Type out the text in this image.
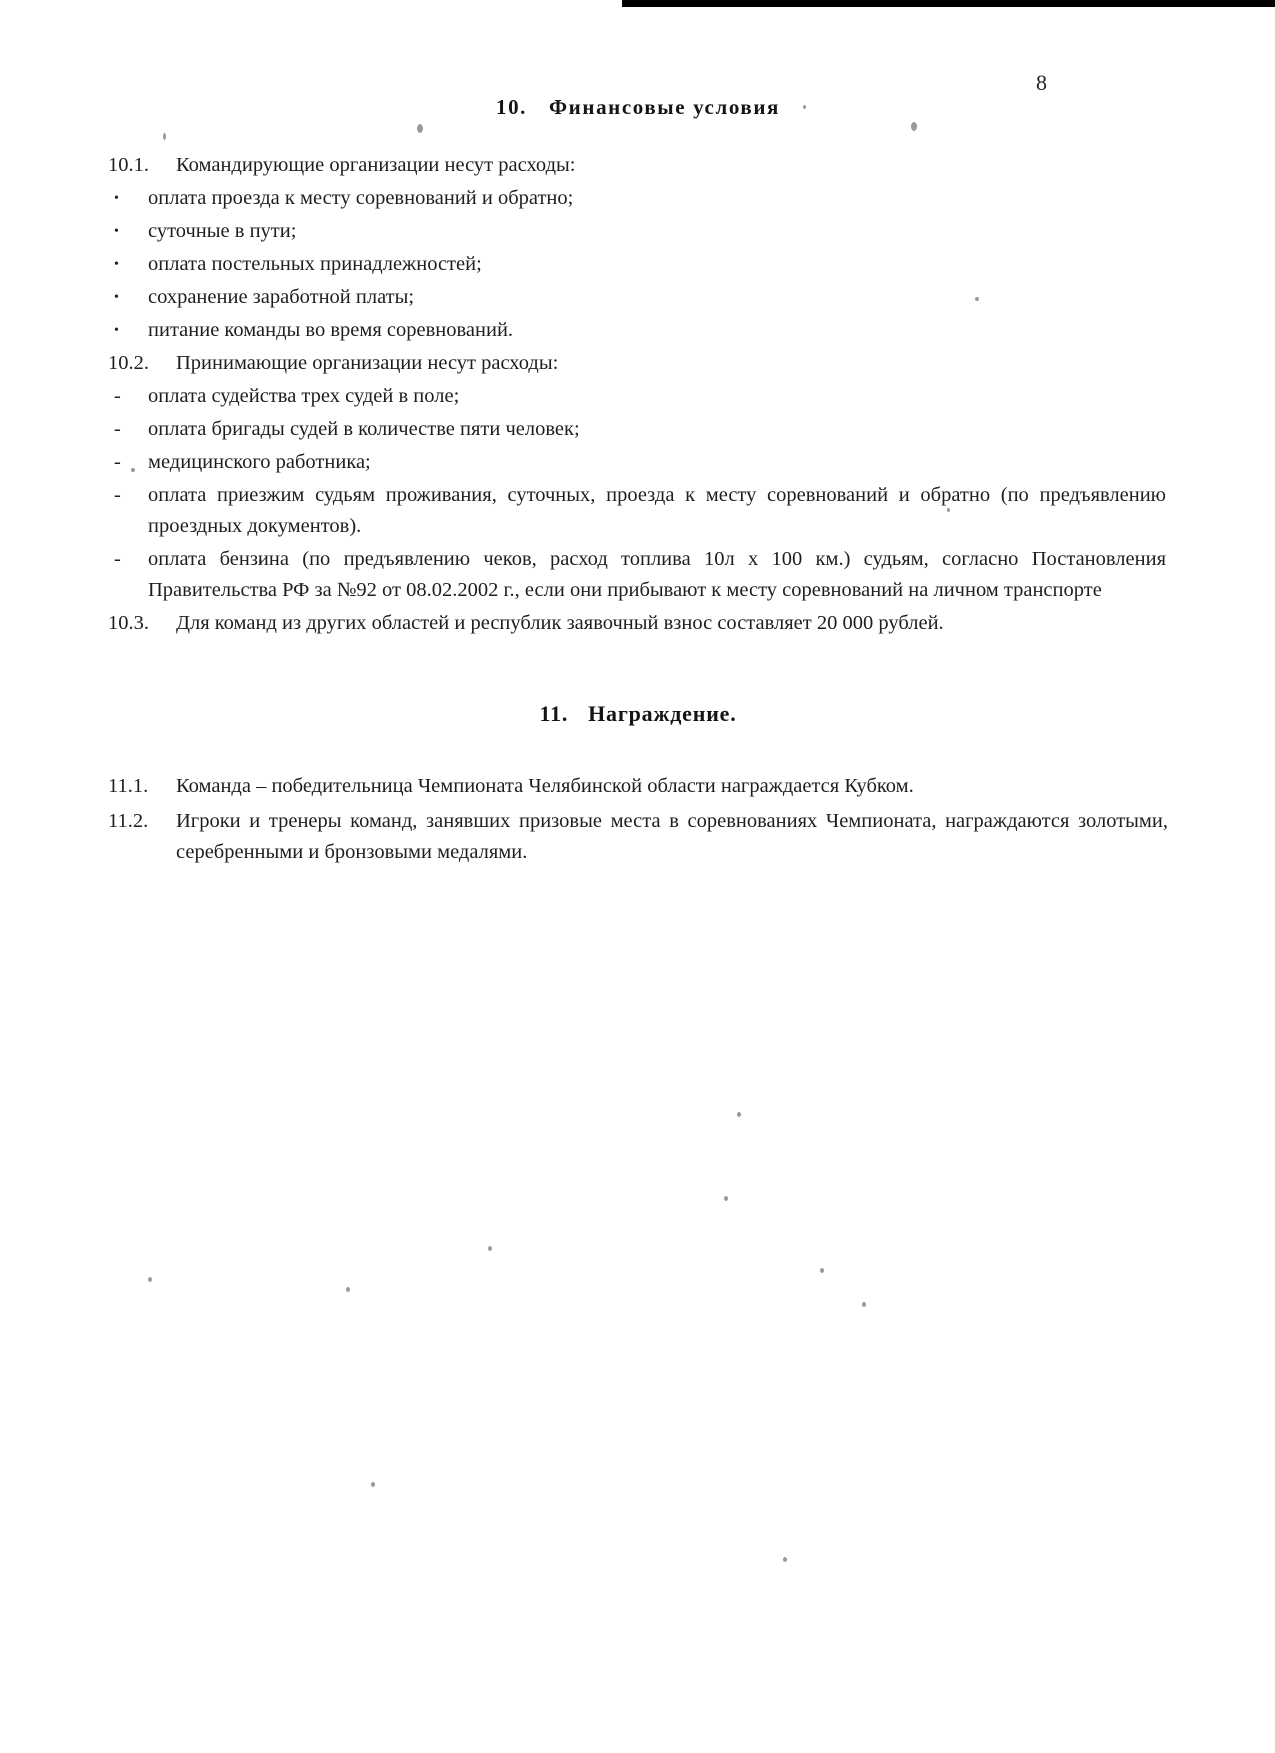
8
10. Финансовые условия
10.1.	Командирующие организации несут расходы:
•	оплата проезда к месту соревнований и обратно;
•	суточные в пути;
•	оплата постельных принадлежностей;
•	сохранение заработной платы;
•	питание команды во время соревнований.
10.2.	Принимающие организации несут расходы:
-	оплата судейства трех судей в поле;
-	оплата бригады судей в количестве пяти человек;
-	медицинского работника;
-	оплата приезжим судьям проживания, суточных, проезда к месту соревнований и обратно (по предъявлению проездных документов).
-	оплата бензина (по предъявлению чеков, расход топлива 10л х 100 км.) судьям, согласно Постановления Правительства РФ за №92 от 08.02.2002 г., если они прибывают к месту соревнований на личном транспорте
10.3.	Для команд из других областей и республик заявочный взнос составляет 20 000 рублей.
11. Награждение.
11.1.	Команда – победительница Чемпионата Челябинской области награждается Кубком.
11.2.	Игроки и тренеры команд, занявших призовые места в соревнованиях Чемпионата, награждаются золотыми, серебренными и бронзовыми медалями.
